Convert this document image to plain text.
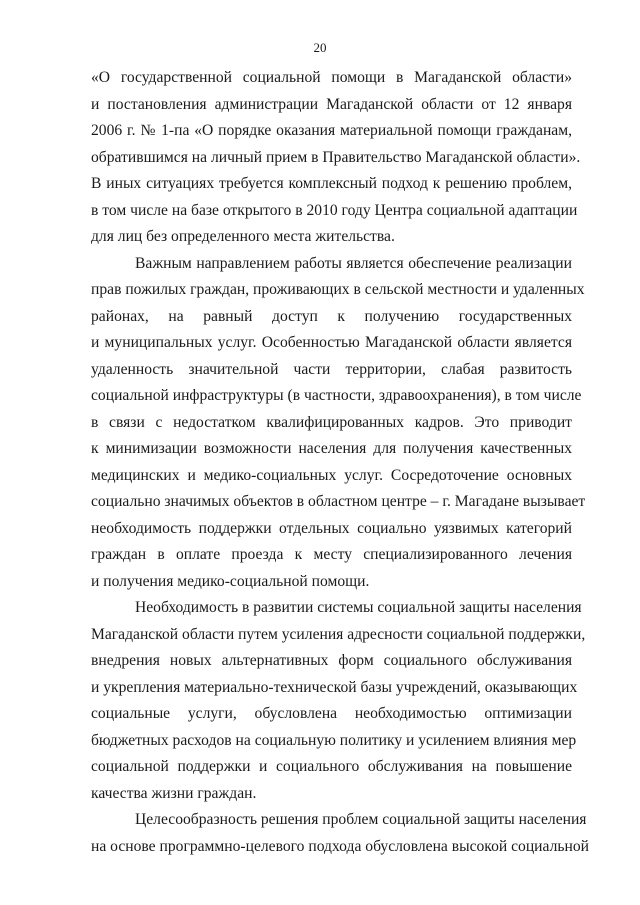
20
«О государственной социальной помощи в Магаданской области»
и постановления администрации Магаданской области от 12 января
2006 г. № 1-па «О порядке оказания материальной помощи гражданам,
обратившимся на личный прием в Правительство Магаданской области».
В иных ситуациях требуется комплексный подход к решению проблем,
в том числе на базе открытого в 2010 году Центра социальной адаптации
для лиц без определенного места жительства.
Важным направлением работы является обеспечение реализации
прав пожилых граждан, проживающих в сельской местности и удаленных
районах, на равный доступ к получению государственных
и муниципальных услуг. Особенностью Магаданской области является
удаленность значительной части территории, слабая развитость
социальной инфраструктуры (в частности, здравоохранения), в том числе
в связи с недостатком квалифицированных кадров. Это приводит
к минимизации возможности населения для получения качественных
медицинских и медико-социальных услуг. Сосредоточение основных
социально значимых объектов в областном центре – г. Магадане вызывает
необходимость поддержки отдельных социально уязвимых категорий
граждан в оплате проезда к месту специализированного лечения
и получения медико-социальной помощи.
Необходимость в развитии системы социальной защиты населения
Магаданской области путем усиления адресности социальной поддержки,
внедрения новых альтернативных форм социального обслуживания
и укрепления материально-технической базы учреждений, оказывающих
социальные услуги, обусловлена необходимостью оптимизации
бюджетных расходов на социальную политику и усилением влияния мер
социальной поддержки и социального обслуживания на повышение
качества жизни граждан.
Целесообразность решения проблем социальной защиты населения
на основе программно-целевого подхода обусловлена высокой социальной
